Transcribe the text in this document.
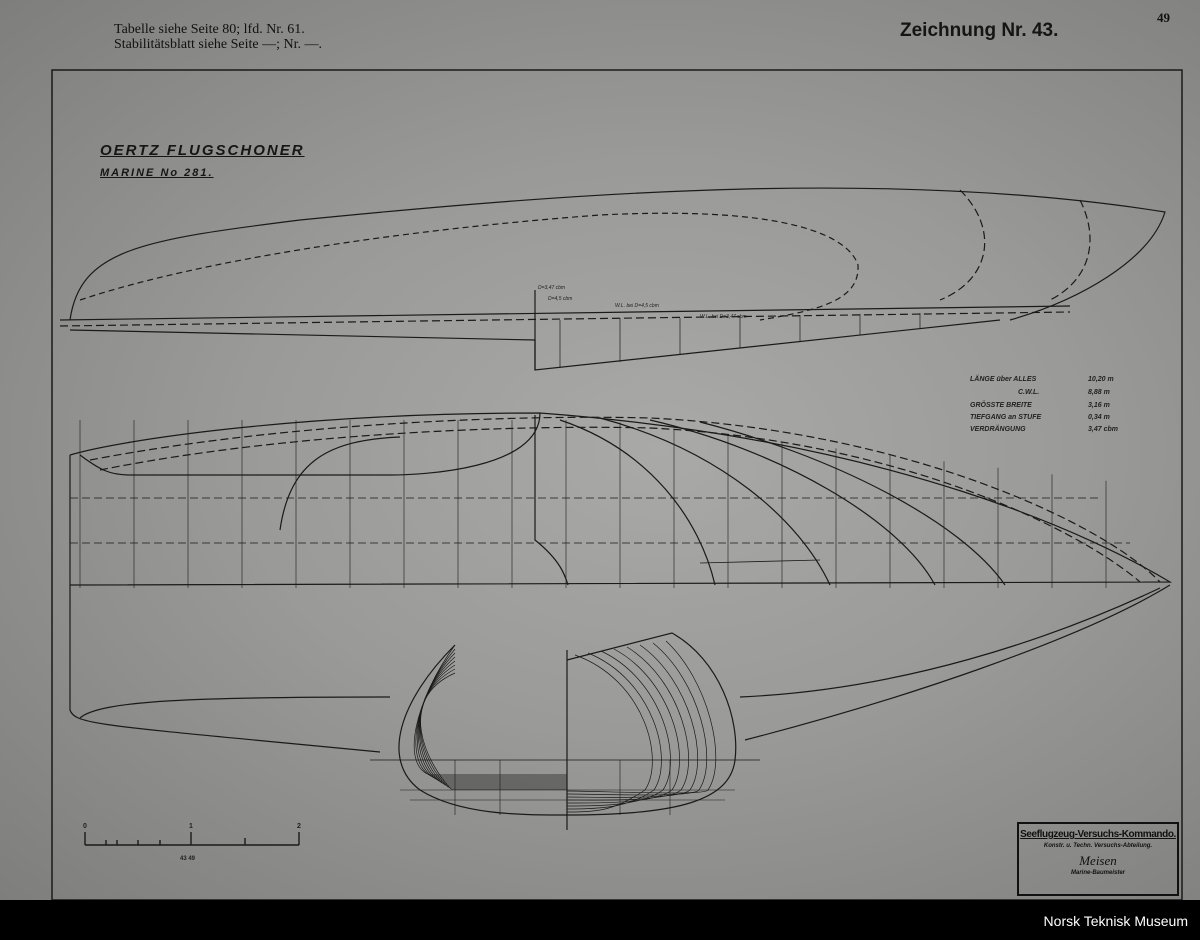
Tabelle siehe Seite 80; lfd. Nr. 61.
Stabilitätsblatt siehe Seite —; Nr. —.
Zeichnung Nr. 43.
49
OERTZ FLUGSCHONER
MARINE No 281.
D=3,47 cbm
D=4,5 cbm
W.L. bei D=4,5 cbm
W.L. bei D=3,47 cbm
LÄNGE über ALLES	10,20 m
C.W.L.	8,88 m
GRÖSSTE BREITE	3,16 m
TIEFGANG an STUFE	0,34 m
VERDRÄNGUNG	3,47 cbm
0	1	2
43 49
Seeflugzeug-Versuchs-Kommando.
Konstr. u. Techn. Versuchs-Abteilung.
Meisen
Marine-Baumeister
Norsk Teknisk Museum
